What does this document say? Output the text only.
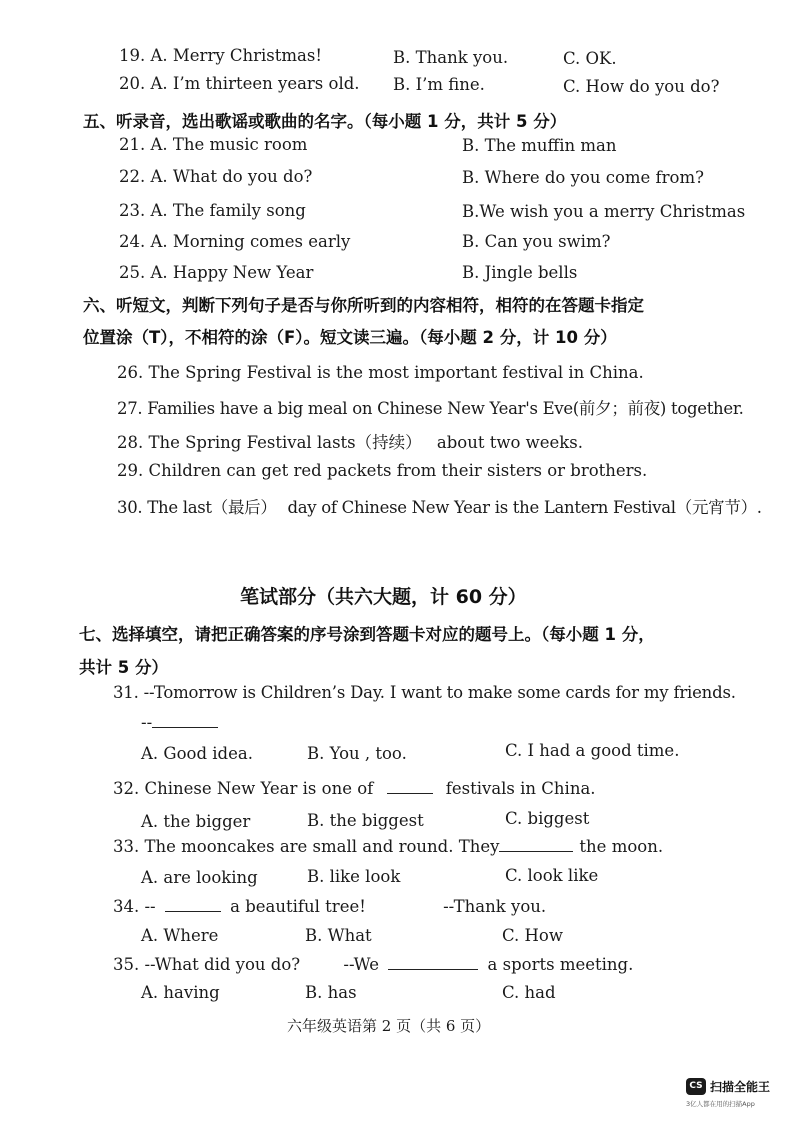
19. A. Merry Christmas!	B. Thank you.	C. OK.
20. A. I’m thirteen years old. B. I’m fine.	C. How do you do?
五、听录音，选出歌谣或歌曲的名字。（每小题 1 分，共计 5 分）
21. A. The music room	B. The muffin man
22. A. What do you do?	B. Where do you come from?
23. A. The family song	B.We wish you a merry Christmas
24. A. Morning comes early	B. Can you swim?
25. A. Happy New Year	B. Jingle bells
六、听短文，判断下列句子是否与你所听到的内容相符，相符的在答题卡指定
位置涂（T），不相符的涂（F）。短文读三遍。（每小题 2 分，计 10 分）
26. The Spring Festival is the most important festival in China.
27. Families have a big meal on Chinese New Year's Eve(前夕；前夜) together.
28. The Spring Festival lasts（持续） about two weeks.
29. Children can get red packets from their sisters or brothers.
30. The last（最后） day of Chinese New Year is the Lantern Festival（元宵节）.
笔试部分（共六大题，计 60 分）
七、选择填空，请把正确答案的序号涂到答题卡对应的题号上。（每小题 1 分，
共计 5 分）
31. --Tomorrow is Children’s Day. I want to make some cards for my friends.
--
A. Good idea.	B. You , too.	C. I had a good time.
32. Chinese New Year is one of	festivals in China.
A. the bigger	B. the biggest	C. biggest
33. The mooncakes are small and round. They	the moon.
A. are looking	B. like look	C. look like
34. --	a beautiful tree!	--Thank you.
A. Where	B. What	C. How
35. --What did you do?	--We	a sports meeting.
A. having	B. has	C. had
六年级英语第 2 页（共 6 页）
CS 扫描全能王
3亿人都在用的扫描App
